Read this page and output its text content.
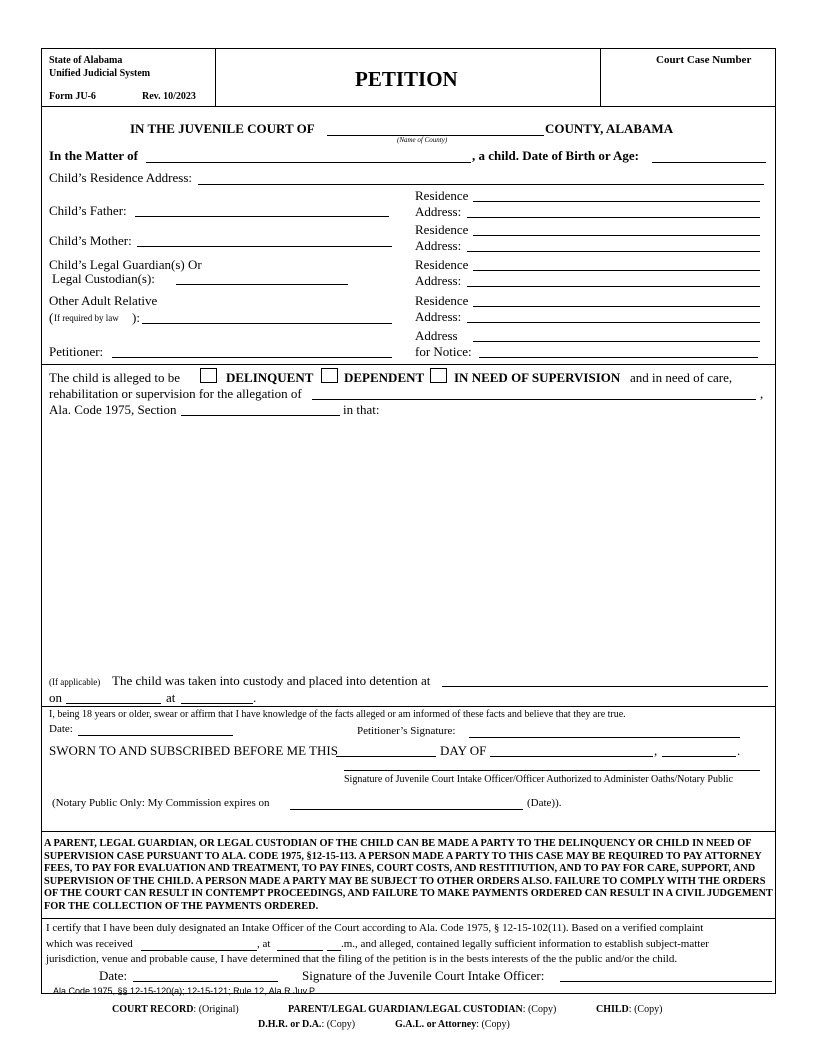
State of Alabama
Unified Judicial System
Form JU-6	Rev. 10/2023
PETITION
Court Case Number
IN THE JUVENILE COURT OF	COUNTY, ALABAMA
(Name of County)
In the Matter of	, a child. Date of Birth or Age:
Child’s Residence Address:
Child’s Father:
Residence
Address:
Child’s Mother:
Residence
Address:
Child’s Legal Guardian(s) Or
Legal Custodian(s):
Residence
Address:
Other Adult Relative
( If required by law ):
Residence
Address:
Address
for Notice:
Petitioner:
The child is alleged to be	DELINQUENT DEPENDENT IN NEED OF SUPERVISION and in need of care,
rehabilitation or supervision for the allegation of	,
Ala. Code 1975, Section	in that:
(If applicable) The child was taken into custody and placed into detention at
on	at	.
I, being 18 years or older, swear or affirm that I have knowledge of the facts alleged or am informed of these facts and believe that they are true.
Date:	Petitioner’s Signature:
SWORN TO AND SUBSCRIBED BEFORE ME THIS	DAY OF	,	.
Signature of Juvenile Court Intake Officer/Officer Authorized to Administer Oaths/Notary Public
(Notary Public Only: My Commission expires on	(Date)).
A PARENT, LEGAL GUARDIAN, OR LEGAL CUSTODIAN OF THE CHILD CAN BE MADE A PARTY TO THE DELINQUENCY OR CHILD IN NEED OF SUPERVISION CASE PURSUANT TO ALA. CODE 1975, §12-15-113. A PERSON MADE A PARTY TO THIS CASE MAY BE REQUIRED TO PAY ATTORNEY FEES, TO PAY FOR EVALUATION AND TREATMENT, TO PAY FINES, COURT COSTS, AND RESTITIUTION, AND TO PAY FOR CARE, SUPPORT, AND SUPERVISION OF THE CHILD. A PERSON MADE A PARTY MAY BE SUBJECT TO OTHER ORDERS ALSO. FAILURE TO COMPLY WITH THE ORDERS OF THE COURT CAN RESULT IN CONTEMPT PROCEEDINGS, AND FAILURE TO MAKE PAYMENTS ORDERED CAN RESULT IN A CIVIL JUDGEMENT FOR THE COLLECTION OF THE PAYMENTS ORDERED.
I certify that I have been duly designated an Intake Officer of the Court according to Ala. Code 1975, § 12-15-102(11). Based on a verified complaint
which was received	, at	.m., and alleged, contained legally sufficient information to establish subject-matter
jurisdiction, venue and probable cause, I have determined that the filing of the petition is in the bests interests of the the public and/or the child.
Date:	Signature of the Juvenile Court Intake Officer:
Ala.Code 1975, §§ 12-15-120(a); 12-15-121; Rule 12, Ala.R.Juv.P.
COURT RECORD: (Original)	PARENT/LEGAL GUARDIAN/LEGAL CUSTODIAN: (Copy)	CHILD: (Copy)
D.H.R. or D.A.: (Copy)	G.A.L. or Attorney: (Copy)
